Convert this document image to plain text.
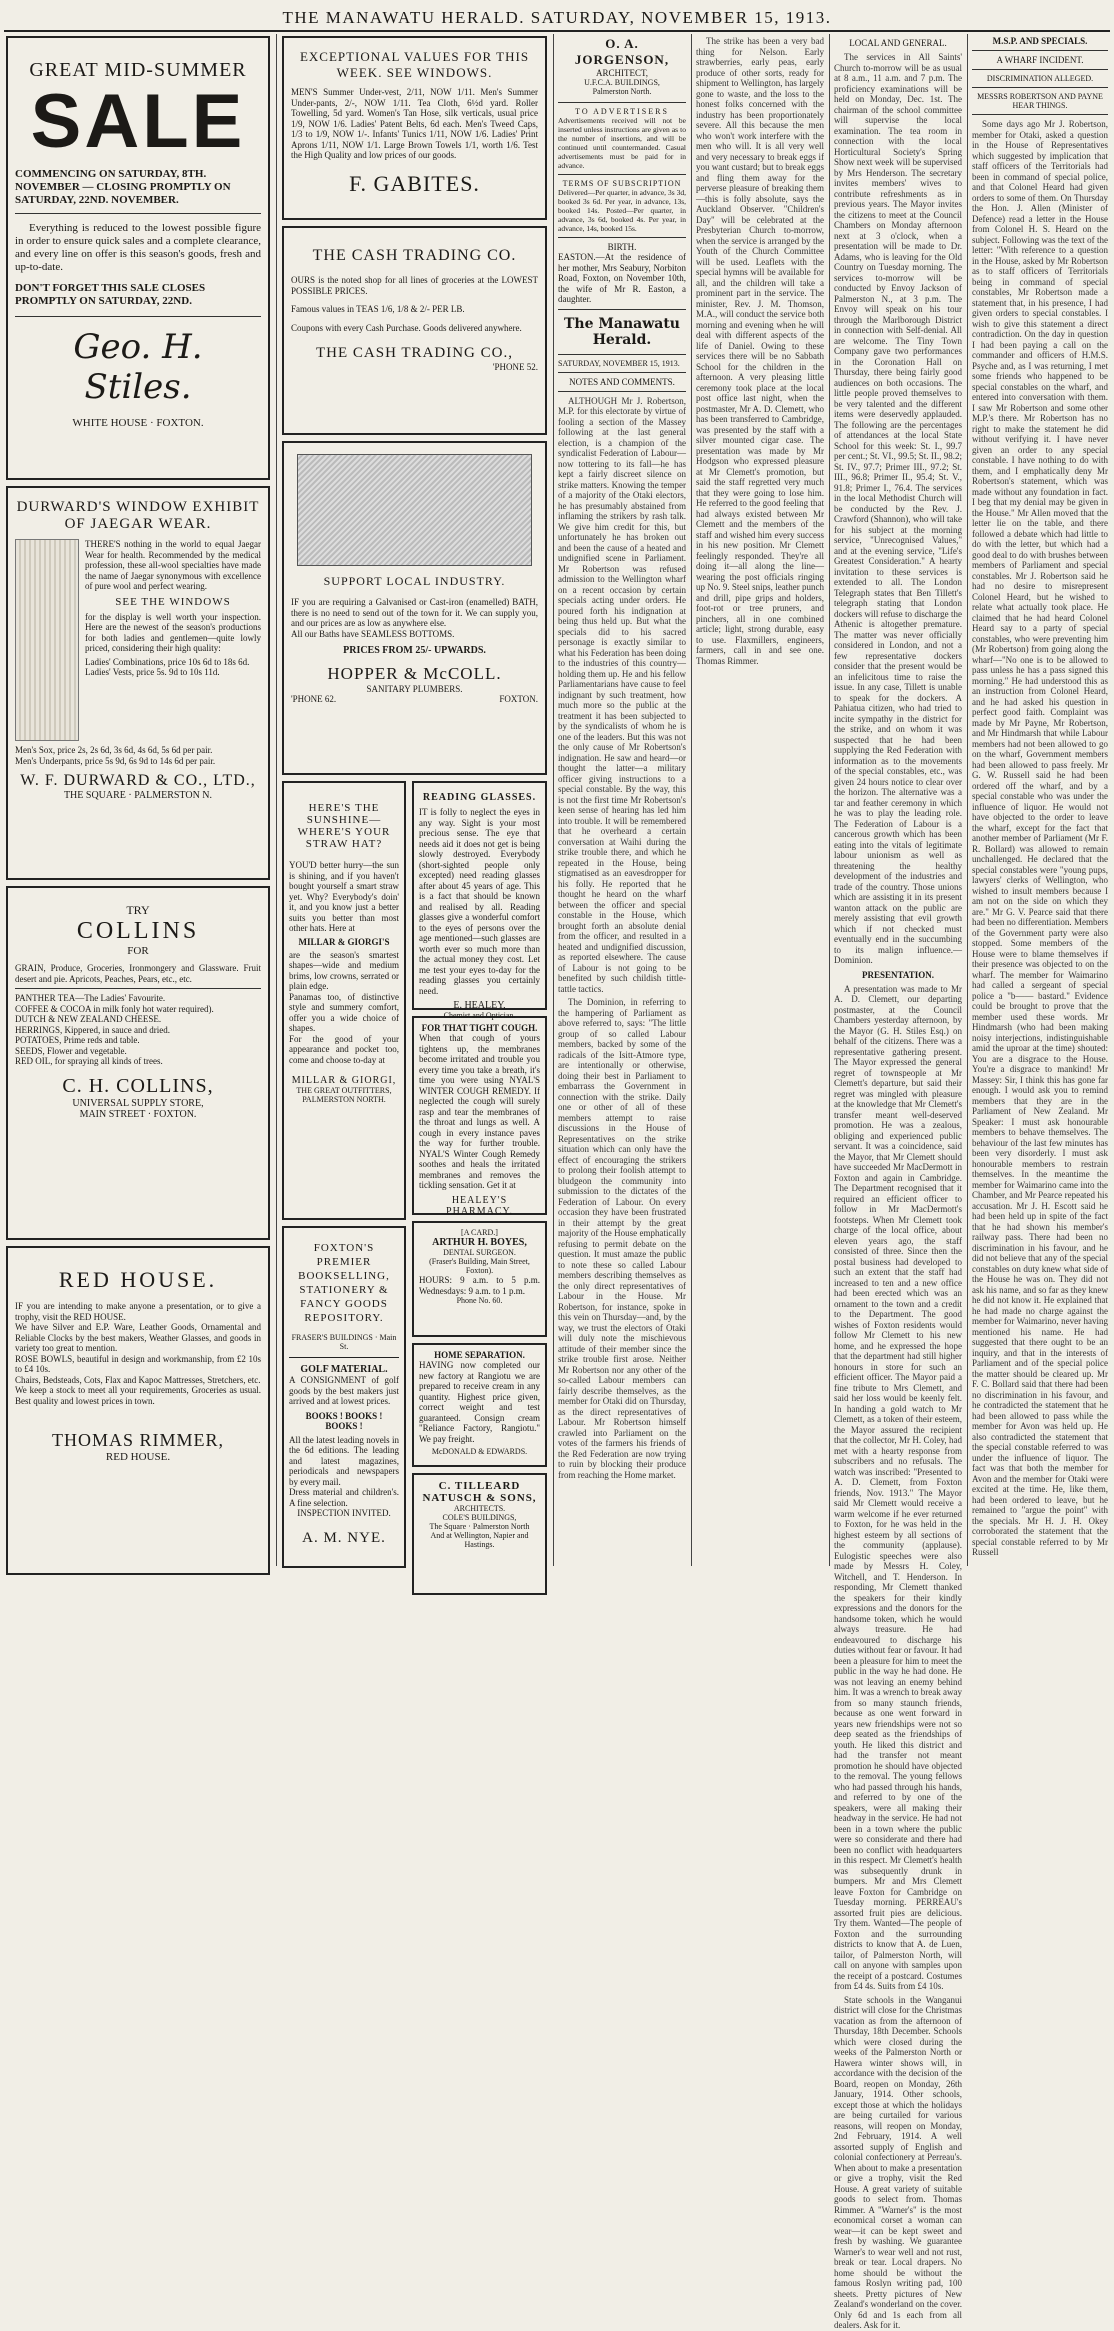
THE MANAWATU HERALD. SATURDAY, NOVEMBER 15, 1913.
GREAT MID-SUMMER
SALE
COMMENCING ON SATURDAY, 8TH. NOVEMBER — CLOSING PROMPTLY ON SATURDAY, 22ND. NOVEMBER.
Everything is reduced to the lowest possible figure in order to ensure quick sales and a complete clearance, and every line on offer is this season's goods, fresh and up-to-date.
DON'T FORGET THIS SALE CLOSES PROMPTLY ON SATURDAY, 22ND.
Geo. H. Stiles.
WHITE HOUSE · FOXTON.
DURWARD'S WINDOW EXHIBIT OF JAEGAR WEAR.
THERE'S nothing in the world to equal Jaegar Wear for health. Recommended by the medical profession, these all-wool specialties have made the name of Jaegar synonymous with excellence of pure wool and perfect wearing.
SEE THE WINDOWS
for the display is well worth your inspection. Here are the newest of the season's productions for both ladies and gentlemen—quite lowly priced, considering their high quality:
Ladies' Combinations, price 10s 6d to 18s 6d.
Ladies' Vests, price 5s. 9d to 10s 11d.
Men's Sox, price 2s, 2s 6d, 3s 6d, 4s 6d, 5s 6d per pair.
Men's Underpants, price 5s 9d, 6s 9d to 14s 6d per pair.
W. F. DURWARD & CO., LTD.,
THE SQUARE · PALMERSTON N.
TRY
COLLINS
FOR
GRAIN, Produce, Groceries, Ironmongery and Glassware. Fruit desert and pie. Apricots, Peaches, Pears, etc., etc.
PANTHER TEA—The Ladies' Favourite.
COFFEE & COCOA in milk fonly hot water required).
DUTCH & NEW ZEALAND CHEESE.
HERRINGS, Kippered, in sauce and dried.
POTATOES, Prime reds and table.
SEEDS, Flower and vegetable.
RED OIL, for spraying all kinds of trees.
C. H. COLLINS,
UNIVERSAL SUPPLY STORE,
MAIN STREET · FOXTON.
RED HOUSE.
IF you are intending to make anyone a presentation, or to give a trophy, visit the RED HOUSE.
We have Silver and E.P. Ware, Leather Goods, Ornamental and Reliable Clocks by the best makers, Weather Glasses, and goods in variety too great to mention.
ROSE BOWLS, beautiful in design and workmanship, from £2 10s to £4 10s.
Chairs, Bedsteads, Cots, Flax and Kapoc Mattresses, Stretchers, etc.
We keep a stock to meet all your requirements, Groceries as usual. Best quality and lowest prices in town.
THOMAS RIMMER,
RED HOUSE.
EXCEPTIONAL VALUES FOR THIS WEEK. SEE WINDOWS.
MEN'S Summer Under-vest, 2/11, NOW 1/11. Men's Summer Under-pants, 2/-, NOW 1/11. Tea Cloth, 6½d yard. Roller Towelling, 5d yard. Women's Tan Hose, silk verticals, usual price 1/9, NOW 1/6. Ladies' Patent Belts, 6d each. Men's Tweed Caps, 1/3 to 1/9, NOW 1/-. Infants' Tunics 1/11, NOW 1/6. Ladies' Print Aprons 1/11, NOW 1/1. Large Brown Towels 1/1, worth 1/6. Test the High Quality and low prices of our goods.
F. GABITES.
THE CASH TRADING CO.
OURS is the noted shop for all lines of groceries at the LOWEST POSSIBLE PRICES.
Famous values in TEAS 1/6, 1/8 & 2/- PER LB.
Coupons with every Cash Purchase. Goods delivered anywhere.
THE CASH TRADING CO.,
'PHONE 52.
SUPPORT LOCAL INDUSTRY.
IF you are requiring a Galvanised or Cast-iron (enamelled) BATH, there is no need to send out of the town for it. We can supply you, and our prices are as low as anywhere else.
All our Baths have SEAMLESS BOTTOMS.
PRICES FROM 25/- UPWARDS.
HOPPER & McCOLL.
SANITARY PLUMBERS.
'PHONE 62.	FOXTON.
HERE'S THE SUNSHINE— WHERE'S YOUR STRAW HAT?
YOU'D better hurry—the sun is shining, and if you haven't bought yourself a smart straw yet. Why? Everybody's doin' it, and you know just a better suits you better than most other hats. Here at
MILLAR & GIORGI'S
are the season's smartest shapes—wide and medium brims, low crowns, serrated or plain edge.
Panamas too, of distinctive style and summery comfort, offer you a wide choice of shapes.
For the good of your appearance and pocket too, come and choose to-day at
MILLAR & GIORGI,
THE GREAT OUTFITTERS,
PALMERSTON NORTH.
FOXTON'S PREMIER BOOKSELLING, STATIONERY & FANCY GOODS REPOSITORY.
FRASER'S BUILDINGS · Main St.
GOLF MATERIAL.
A CONSIGNMENT of golf goods by the best makers just arrived and at lowest prices.
BOOKS ! BOOKS ! BOOKS !
All the latest leading novels in the 6d editions. The leading and latest magazines, periodicals and newspapers by every mail.
Dress material and children's. A fine selection.
INSPECTION INVITED.
A. M. NYE.
READING GLASSES.
IT is folly to neglect the eyes in any way. Sight is your most precious sense. The eye that needs aid it does not get is being slowly destroyed. Everybody (short-sighted people only excepted) need reading glasses after about 45 years of age. This is a fact that should be known and realised by all. Reading glasses give a wonderful comfort to the eyes of persons over the age mentioned—such glasses are worth ever so much more than the actual money they cost. Let me test your eyes to-day for the reading glasses you certainly need.
E. HEALEY,
Chemist and Optician.
FOR THAT TIGHT COUGH.
When that cough of yours tightens up, the membranes become irritated and trouble you every time you take a breath, it's time you were using NYAL'S WINTER COUGH REMEDY. If neglected the cough will surely rasp and tear the membranes of the throat and lungs as well. A cough in every instance paves the way for further trouble. NYAL'S Winter Cough Remedy soothes and heals the irritated membranes and removes the tickling sensation. Get it at
HEALEY'S PHARMACY.
[A CARD.]
ARTHUR H. BOYES,
DENTAL SURGEON.
(Fraser's Building, Main Street, Foxton).
HOURS: 9 a.m. to 5 p.m. Wednesdays: 9 a.m. to 1 p.m.
Phone No. 60.
HOME SEPARATION.
HAVING now completed our new factory at Rangiotu we are prepared to receive cream in any quantity. Highest price given, correct weight and test guaranteed. Consign cream "Reliance Factory, Rangiotu." We pay freight.
McDONALD & EDWARDS.
C. TILLEARD NATUSCH & SONS,
ARCHITECTS.
COLE'S BUILDINGS,
The Square · Palmerston North
And at Wellington, Napier and Hastings.
O. A. JORGENSON,
ARCHITECT,
U.F.C.A. BUILDINGS,
Palmerston North.
TO ADVERTISERS
Advertisements received will not be inserted unless instructions are given as to the number of insertions, and will be continued until countermanded. Casual advertisements must be paid for in advance.
TERMS OF SUBSCRIPTION
Delivered—Per quarter, in advance, 3s 3d, booked 3s 6d. Per year, in advance, 13s, booked 14s. Posted—Per quarter, in advance, 3s 6d, booked 4s. Per year, in advance, 14s, booked 15s.
BIRTH.
EASTON.—At the residence of her mother, Mrs Seabury, Norbiton Road, Foxton, on November 10th, the wife of Mr R. Easton, a daughter.
The Manawatu Herald.
SATURDAY, NOVEMBER 15, 1913.
NOTES AND COMMENTS.
ALTHOUGH Mr J. Robertson, M.P. for this electorate by virtue of fooling a section of the Massey following at the last general election, is a champion of the syndicalist Federation of Labour—now tottering to its fall—he has kept a fairly discreet silence on strike matters. Knowing the temper of a majority of the Otaki electors, he has presumably abstained from inflaming the strikers by rash talk. We give him credit for this, but unfortunately he has broken out and been the cause of a heated and undignified scene in Parliament. Mr Robertson was refused admission to the Wellington wharf on a recent occasion by certain specials acting under orders. He poured forth his indignation at being thus held up. But what the specials did to his sacred personage is exactly similar to what his Federation has been doing to the industries of this country—holding them up. He and his fellow Parliamentarians have cause to feel indignant by such treatment, how much more so the public at the treatment it has been subjected to by the syndicalists of whom he is one of the leaders. But this was not the only cause of Mr Robertson's indignation. He saw and heard—or thought the latter—a military officer giving instructions to a special constable. By the way, this is not the first time Mr Robertson's keen sense of hearing has led him into trouble. It will be remembered that he overheard a certain conversation at Waihi during the strike trouble there, and which he repeated in the House, being stigmatised as an eavesdropper for his folly. He reported that he thought he heard on the wharf between the officer and special constable in the House, which brought forth an absolute denial from the officer, and resulted in a heated and undignified discussion, as reported elsewhere. The cause of Labour is not going to be benefited by such childish tittle-tattle tactics.
The Dominion, in referring to the hampering of Parliament as above referred to, says: "The little group of so called Labour members, backed by some of the radicals of the Isitt-Atmore type, are intentionally or otherwise, doing their best in Parliament to embarrass the Government in connection with the strike. Daily one or other of all of these members attempt to raise discussions in the House of Representatives on the strike situation which can only have the effect of encouraging the strikers to prolong their foolish attempt to bludgeon the community into submission to the dictates of the Federation of Labour. On every occasion they have been frustrated in their attempt by the great majority of the House emphatically refusing to permit debate on the question. It must amaze the public to note these so called Labour members describing themselves as the only direct representatives of Labour in the House. Mr Robertson, for instance, spoke in this vein on Thursday—and, by the way, we trust the electors of Otaki will duly note the mischievous attitude of their member since the strike trouble first arose. Neither Mr Robertson nor any other of the so-called Labour members can fairly describe themselves, as the member for Otaki did on Thursday, as the direct representatives of Labour. Mr Robertson himself crawled into Parliament on the votes of the farmers his friends of the Red Federation are now trying to ruin by blocking their produce from reaching the Home market.
The strike has been a very bad thing for Nelson. Early strawberries, early peas, early produce of other sorts, ready for shipment to Wellington, has largely gone to waste, and the loss to the honest folks concerned with the industry has been proportionately severe. All this because the men who won't work interfere with the men who will. It is all very well and very necessary to break eggs if you want custard; but to break eggs and fling them away for the perverse pleasure of breaking them—this is folly absolute, says the Auckland Observer. "Children's Day" will be celebrated at the Presbyterian Church to-morrow, when the service is arranged by the Youth of the Church Committee will be used. Leaflets with the special hymns will be available for all, and the children will take a prominent part in the service. The minister, Rev. J. M. Thomson, M.A., will conduct the service both morning and evening when he will deal with different aspects of the life of Daniel. Owing to these services there will be no Sabbath School for the children in the afternoon. A very pleasing little ceremony took place at the local post office last night, when the postmaster, Mr A. D. Clemett, who has been transferred to Cambridge, was presented by the staff with a silver mounted cigar case. The presentation was made by Mr Hodgson who expressed pleasure at Mr Clemett's promotion, but said the staff regretted very much that they were going to lose him. He referred to the good feeling that had always existed between Mr Clemett and the members of the staff and wished him every success in his new position. Mr Clemett feelingly responded. They're all doing it—all along the line—wearing the post officials ringing up No. 9. Steel snips, leather punch and drill, pipe grips and holders, foot-rot or tree pruners, and pinchers, all in one combined article; light, strong durable, easy to use. Flaxmillers, engineers, farmers, call in and see one. Thomas Rimmer.
LOCAL AND GENERAL.
The services in All Saints' Church to-morrow will be as usual at 8 a.m., 11 a.m. and 7 p.m. The proficiency examinations will be held on Monday, Dec. 1st. The chairman of the school committee will supervise the local examination. The tea room in connection with the local Horticultural Society's Spring Show next week will be supervised by Mrs Henderson. The secretary invites members' wives to contribute refreshments as in previous years. The Mayor invites the citizens to meet at the Council Chambers on Monday afternoon next at 3 o'clock, when a presentation will be made to Dr. Adams, who is leaving for the Old Country on Tuesday morning. The services to-morrow will be conducted by Envoy Jackson of Palmerston N., at 3 p.m. The Envoy will speak on his tour through the Marlborough District in connection with Self-denial. All are welcome. The Tiny Town Company gave two performances in the Coronation Hall on Thursday, there being fairly good audiences on both occasions. The little people proved themselves to be very talented and the different items were deservedly applauded. The following are the percentages of attendances at the local State School for this week: St. I., 99.7 per cent.; St. VI., 99.5; St. II., 98.2; St. IV., 97.7; Primer III., 97.2; St. III., 96.8; Primer II., 95.4; St. V., 91.8; Primer I., 76.4. The services in the local Methodist Church will be conducted by the Rev. J. Crawford (Shannon), who will take for his subject at the morning service, "Unrecognised Values," and at the evening service, "Life's Greatest Consideration." A hearty invitation to these services is extended to all. The London Telegraph states that Ben Tillett's telegraph stating that London dockers will refuse to discharge the Athenic is altogether premature. The matter was never officially considered in London, and not a few representative dockers consider that the present would be an infelicitous time to raise the issue. In any case, Tillett is unable to speak for the dockers. A Pahiatua citizen, who had tried to incite sympathy in the district for the strike, and on whom it was suspected that he had been supplying the Red Federation with information as to the movements of the special constables, etc., was given 24 hours notice to clear over the horizon. The alternative was a tar and feather ceremony in which he was to play the leading role. The Federation of Labour is a cancerous growth which has been eating into the vitals of legitimate labour unionism as well as threatening the healthy development of the industries and trade of the country. Those unions which are assisting it in its present wanton attack on the public are merely assisting that evil growth which if not checked must eventually end in the succumbing to its malign influence.—Dominion.
PRESENTATION.
A presentation was made to Mr A. D. Clemett, our departing postmaster, at the Council Chambers yesterday afternoon, by the Mayor (G. H. Stiles Esq.) on behalf of the citizens. There was a representative gathering present. The Mayor expressed the general regret of townspeople at Mr Clemett's departure, but said their regret was mingled with pleasure at the knowledge that Mr Clemett's transfer meant well-deserved promotion. He was a zealous, obliging and experienced public servant. It was a coincidence, said the Mayor, that Mr Clemett should have succeeded Mr MacDermott in Foxton and again in Cambridge. The Department recognised that it required an efficient officer to follow in Mr MacDermott's footsteps. When Mr Clemett took charge of the local office, about eleven years ago, the staff consisted of three. Since then the postal business had developed to such an extent that the staff had increased to ten and a new office had been erected which was an ornament to the town and a credit to the Department. The good wishes of Foxton residents would follow Mr Clemett to his new home, and he expressed the hope that the department had still higher honours in store for such an efficient officer. The Mayor paid a fine tribute to Mrs Clemett, and said her loss would be keenly felt. In handing a gold watch to Mr Clemett, as a token of their esteem, the Mayor assured the recipient that the collector, Mr H. Coley, had met with a hearty response from subscribers and no refusals. The watch was inscribed: "Presented to A. D. Clemett, from Foxton friends, Nov. 1913." The Mayor said Mr Clemett would receive a warm welcome if he ever returned to Foxton, for he was held in the highest esteem by all sections of the community (applause). Eulogistic speeches were also made by Messrs H. Coley, Witchell, and T. Henderson. In responding, Mr Clemett thanked the speakers for their kindly expressions and the donors for the handsome token, which he would always treasure. He had endeavoured to discharge his duties without fear or favour. It had been a pleasure for him to meet the public in the way he had done. He was not leaving an enemy behind him. It was a wrench to break away from so many staunch friends, because as one went forward in years new friendships were not so deep seated as the friendships of youth. He liked this district and had the transfer not meant promotion he should have objected to the removal. The young fellows who had passed through his hands, and referred to by one of the speakers, were all making their headway in the service. He had not been in a town where the public were so considerate and there had been no conflict with headquarters in this respect. Mr Clemett's health was subsequently drunk in bumpers. Mr and Mrs Clemett leave Foxton for Cambridge on Tuesday morning. PERREAU's assorted fruit pies are delicious. Try them. Wanted—The people of Foxton and the surrounding districts to know that A. de Luen, tailor, of Palmerston North, will call on anyone with samples upon the receipt of a postcard. Costumes from £4 4s. Suits from £4 10s.
State schools in the Wanganui district will close for the Christmas vacation as from the afternoon of Thursday, 18th December. Schools which were closed during the weeks of the Palmerston North or Hawera winter shows will, in accordance with the decision of the Board, reopen on Monday, 26th January, 1914. Other schools, except those at which the holidays are being curtailed for various reasons, will reopen on Monday, 2nd February, 1914. A well assorted supply of English and colonial confectionery at Perreau's. When about to make a presentation or give a trophy, visit the Red House. A great variety of suitable goods to select from. Thomas Rimmer. A "Warner's" is the most economical corset a woman can wear—it can be kept sweet and fresh by washing. We guarantee Warner's to wear well and not rust, break or tear. Local drapers. No home should be without the famous Roslyn writing pad, 100 sheets. Pretty pictures of New Zealand's wonderland on the cover. Only 6d and 1s each from all dealers. Ask for it.
M.S.P. AND SPECIALS.
A WHARF INCIDENT.
DISCRIMINATION ALLEGED.
MESSRS ROBERTSON AND PAYNE HEAR THINGS.
Some days ago Mr J. Robertson, member for Otaki, asked a question in the House of Representatives which suggested by implication that staff officers of the Territorials had been in command of special police, and that Colonel Heard had given orders to some of them. On Thursday the Hon. J. Allen (Minister of Defence) read a letter in the House from Colonel H. S. Heard on the subject. Following was the text of the letter: "With reference to a question in the House, asked by Mr Robertson as to staff officers of Territorials being in command of special constables, Mr Robertson made a statement that, in his presence, I had given orders to special constables. I wish to give this statement a direct contradiction. On the day in question I had been paying a call on the commander and officers of H.M.S. Psyche and, as I was returning, I met some friends who happened to be special constables on the wharf, and entered into conversation with them. I saw Mr Robertson and some other M.P.'s there. Mr Robertson has no right to make the statement he did without verifying it. I have never given an order to any special constable. I have nothing to do with them, and I emphatically deny Mr Robertson's statement, which was made without any foundation in fact. I beg that my denial may be given in the House." Mr Allen moved that the letter lie on the table, and there followed a debate which had little to do with the letter, but which had a good deal to do with brushes between members of Parliament and special constables. Mr J. Robertson said he had no desire to misrepresent Colonel Heard, but he wished to relate what actually took place. He claimed that he had heard Colonel Heard say to a party of special constables, who were preventing him (Mr Robertson) from going along the wharf—"No one is to be allowed to pass unless he has a pass signed this morning." He had understood this as an instruction from Colonel Heard, and he had asked his question in perfect good faith. Complaint was made by Mr Payne, Mr Robertson, and Mr Hindmarsh that while Labour members had not been allowed to go on the wharf, Government members had been allowed to pass freely. Mr G. W. Russell said he had been ordered off the wharf, and by a special constable who was under the influence of liquor. He would not have objected to the order to leave the wharf, except for the fact that another member of Parliament (Mr F. R. Bollard) was allowed to remain unchallenged. He declared that the special constables were "young pups, lawyers' clerks of Wellington, who wished to insult members because I am not on the side on which they are." Mr G. V. Pearce said that there had been no differentiation. Members of the Government party were also stopped. Some members of the House were to blame themselves if their presence was objected to on the wharf. The member for Waimarino had called a sergeant of special police a "b—— bastard." Evidence could be brought to prove that the member used these words. Mr Hindmarsh (who had been making noisy interjections, indistinguishable amid the uproar at the time) shouted: You are a disgrace to the House. You're a disgrace to mankind! Mr Massey: Sir, I think this has gone far enough. I would ask you to remind members that they are in the Parliament of New Zealand. Mr Speaker: I must ask honourable members to behave themselves. The behaviour of the last few minutes has been very disorderly. I must ask honourable members to restrain themselves. In the meantime the member for Waimarino came into the Chamber, and Mr Pearce repeated his accusation. Mr J. H. Escott said he had been held up in spite of the fact that he had shown his member's railway pass. There had been no discrimination in his favour, and he did not believe that any of the special constables on duty knew what side of the House he was on. They did not ask his name, and so far as they knew he did not know it. He explained that he had made no charge against the member for Waimarino, never having mentioned his name. He had suggested that there ought to be an inquiry, and that in the interests of Parliament and of the special police the matter should be cleared up. Mr F. C. Bollard said that there had been no discrimination in his favour, and he contradicted the statement that he had been allowed to pass while the member for Avon was held up. He also contradicted the statement that the special constable referred to was under the influence of liquor. The fact was that both the member for Avon and the member for Otaki were excited at the time. He, like them, had been ordered to leave, but he remained to "argue the point" with the specials. Mr H. J. H. Okey corroborated the statement that the special constable referred to by Mr Russell
